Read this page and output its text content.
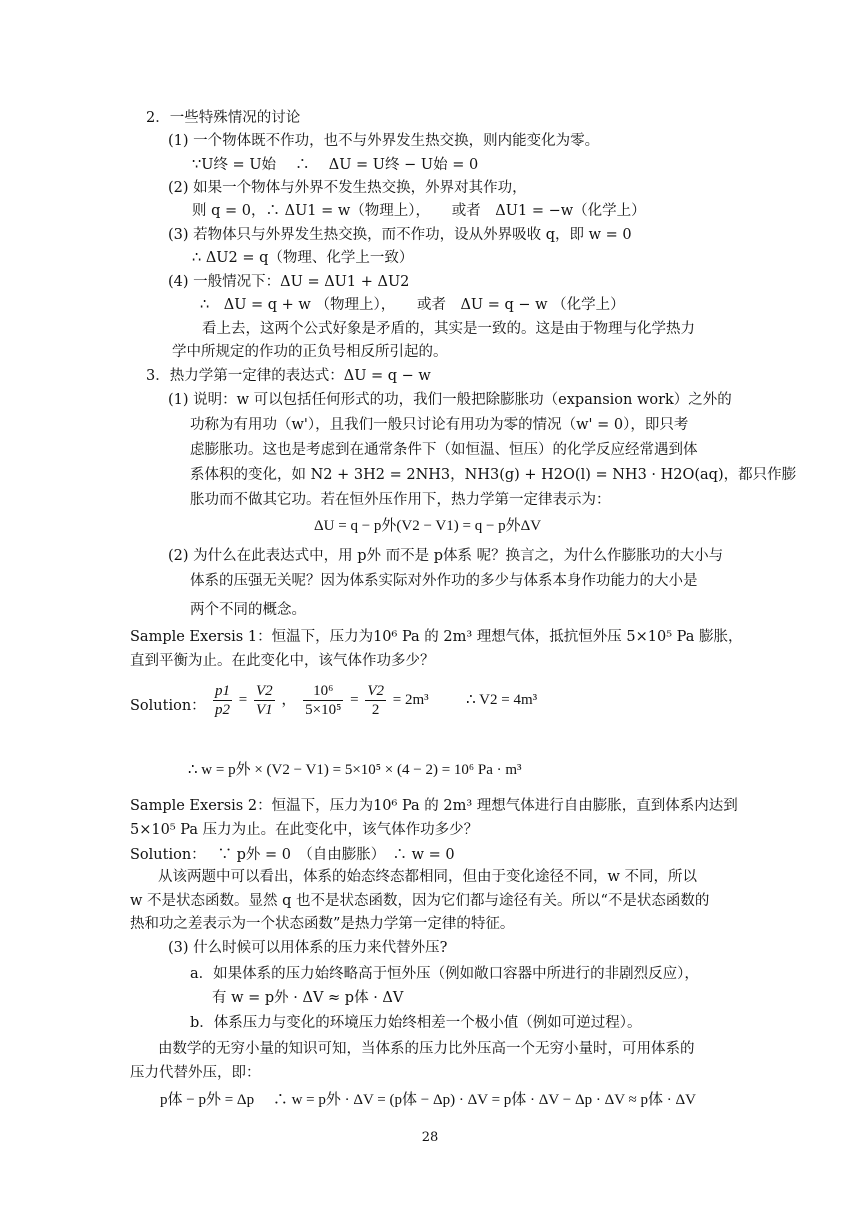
2．一些特殊情况的讨论
(1) 一个物体既不作功，也不与外界发生热交换，则内能变化为零。
∵U终 = U始　 ∴　 ΔU = U终 − U始 = 0
(2) 如果一个物体与外界不发生热交换，外界对其作功，
则 q = 0，∴ ΔU1 = w（物理上），　　或者　ΔU1 = −w（化学上）
(3) 若物体只与外界发生热交换，而不作功，设从外界吸收 q，即 w = 0
∴ ΔU2 = q（物理、化学上一致）
(4) 一般情况下：ΔU = ΔU1 + ΔU2
∴　ΔU = q + w （物理上），　　或者　ΔU = q − w （化学上）
看上去，这两个公式好象是矛盾的，其实是一致的。这是由于物理与化学热力
学中所规定的作功的正负号相反所引起的。
3．热力学第一定律的表达式：ΔU = q − w
(1) 说明：w 可以包括任何形式的功，我们一般把除膨胀功（expansion work）之外的
功称为有用功（w'），且我们一般只讨论有用功为零的情况（w' = 0），即只考
虑膨胀功。这也是考虑到在通常条件下（如恒温、恒压）的化学反应经常遇到体
系体积的变化，如 N2 + 3H2 = 2NH3，NH3(g) + H2O(l) = NH3 · H2O(aq)，都只作膨
胀功而不做其它功。若在恒外压作用下，热力学第一定律表示为：
ΔU = q − p外(V2 − V1) = q − p外ΔV
(2) 为什么在此表达式中，用 p外 而不是 p体系 呢？换言之，为什么作膨胀功的大小与
体系的压强无关呢？因为体系实际对外作功的多少与体系本身作功能力的大小是
两个不同的概念。
Sample Exersis 1：恒温下，压力为10⁶ Pa 的 2m³ 理想气体，抵抗恒外压 5×10⁵ Pa 膨胀，
直到平衡为止。在此变化中，该气体作功多少？
Solution： $\frac{p1}{p2} = \frac{V2}{V1}$ ， $\frac{\text{10⁶}}{\text{5×10⁵}} = \frac{V2}{2} = 2m^3$	∴ V2 = 4m³
∴ w = p外 × (V2 − V1) = 5×10⁵ × (4 − 2) = 10⁶ Pa · m³
Sample Exersis 2：恒温下，压力为10⁶ Pa 的 2m³ 理想气体进行自由膨胀，直到体系内达到
5×10⁵ Pa 压力为止。在此变化中，该气体作功多少？
Solution：　 ∵ p外 = 0　（自由膨胀）　∴ w = 0
从该两题中可以看出，体系的始态终态都相同，但由于变化途径不同，w 不同，所以
w 不是状态函数。显然 q 也不是状态函数，因为它们都与途径有关。所以“不是状态函数的
热和功之差表示为一个状态函数”是热力学第一定律的特征。
(3) 什么时候可以用体系的压力来代替外压?
a．如果体系的压力始终略高于恒外压（例如敞口容器中所进行的非剧烈反应），
有 w = p外 · ΔV ≈ p体 · ΔV
b．体系压力与变化的环境压力始终相差一个极小值（例如可逆过程）。
由数学的无穷小量的知识可知，当体系的压力比外压高一个无穷小量时，可用体系的
压力代替外压，即：
p体 − p外 = Δp　 ∴ w = p外 · ΔV = (p体 − Δp) · ΔV = p体 · ΔV − Δp · ΔV ≈ p体 · ΔV
28
